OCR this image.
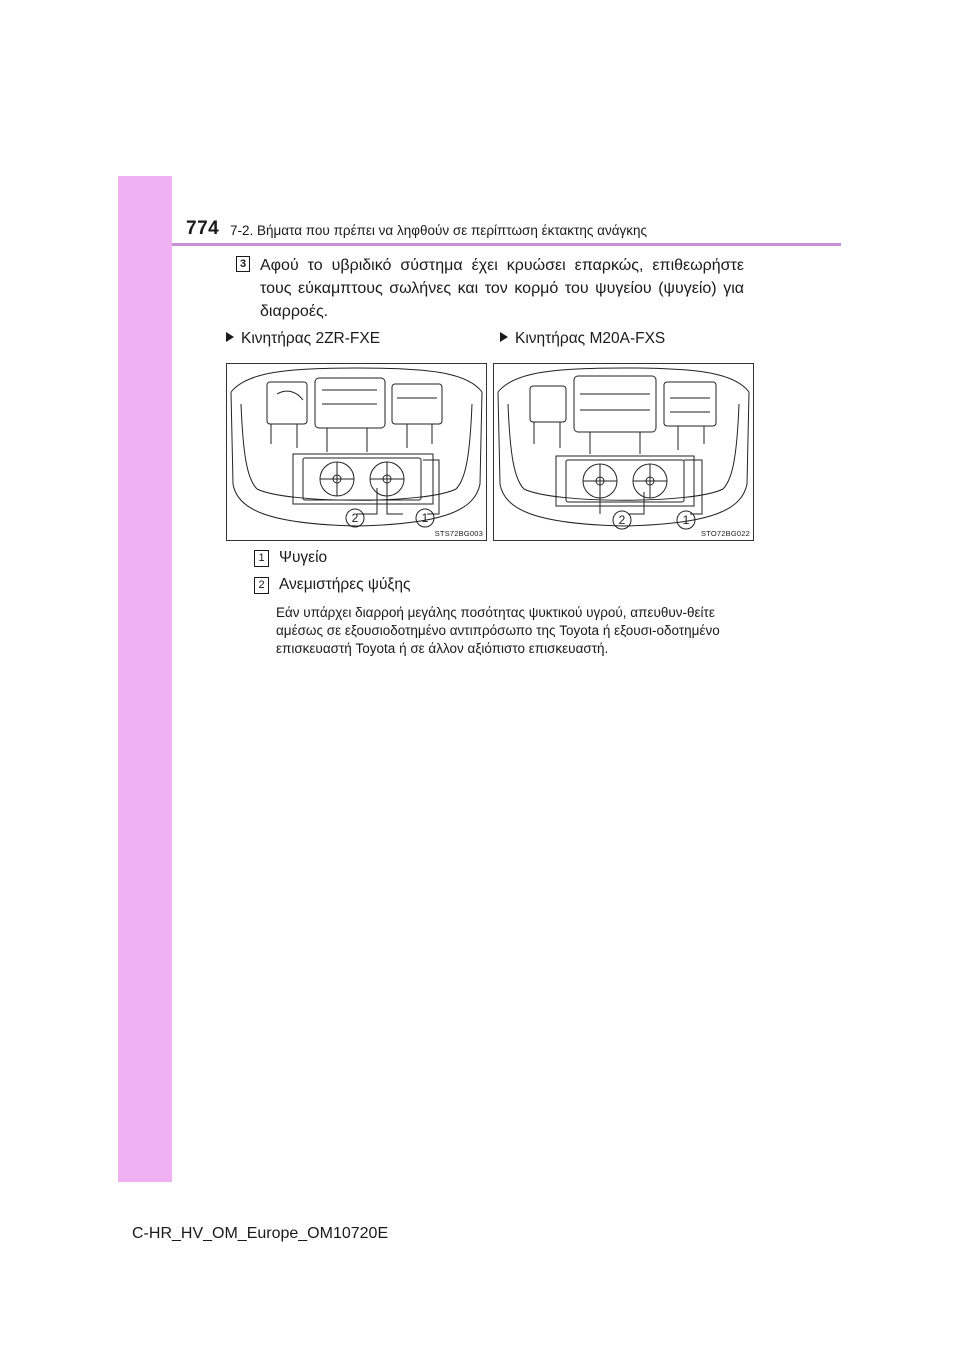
774 7-2. Βήματα που πρέπει να ληφθούν σε περίπτωση έκτακτης ανάγκης
3 Αφού το υβριδικό σύστημα έχει κρυώσει επαρκώς, επιθεωρήστε τους εύκαμπτους σωλήνες και τον κορμό του ψυγείου (ψυγείο) για διαρροές.
Κινητήρας 2ZR-FXE	Κινητήρας M20A-FXS
2	1
STS72BG003
2	1
STO72BG022
1 Ψυγείο
2 Ανεμιστήρες ψύξης
Εάν υπάρχει διαρροή μεγάλης ποσότητας ψυκτικού υγρού, απευθυν-θείτε αμέσως σε εξουσιοδοτημένο αντιπρόσωπο της Toyota ή εξουσι-οδοτημένο επισκευαστή Toyota ή σε άλλον αξιόπιστο επισκευαστή.
C-HR_HV_OM_Europe_OM10720E
